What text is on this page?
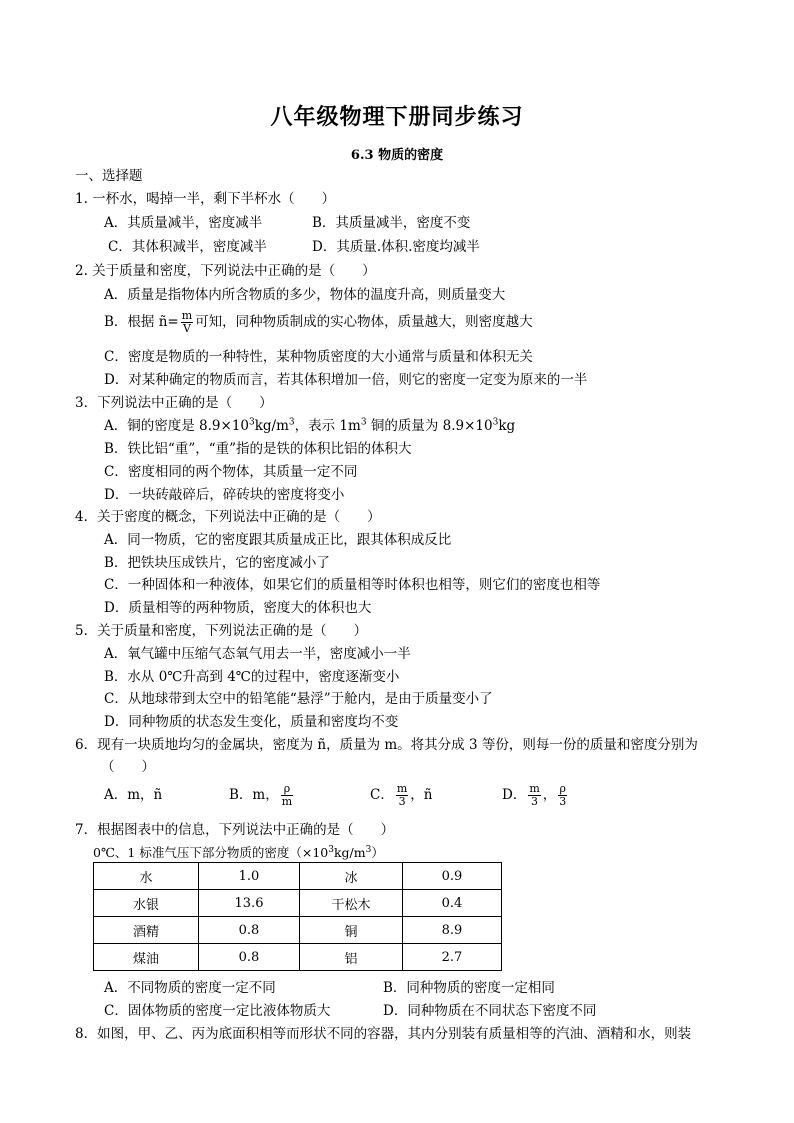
八年级物理下册同步练习
6.3 物质的密度
一、选择题
1. 一杯水，喝掉一半，剩下半杯水（　　）
A．其质量减半，密度减半	B．其质量减半，密度不变
C．其体积减半，密度减半	D．其质量.体积.密度均减半
2. 关于质量和密度，下列说法中正确的是（　　）
A．质量是指物体内所含物质的多少，物体的温度升高，则质量变大
B．根据 ñ= $\frac{m}{V}$ 可知，同种物质制成的实心物体，质量越大，则密度越大
C．密度是物质的一种特性，某种物质密度的大小通常与质量和体积无关
D．对某种确定的物质而言，若其体积增加一倍，则它的密度一定变为原来的一半
3．下列说法中正确的是（　　）
A．铜的密度是 $8.9\times 10^3kg/m^3$，表示 $1m^3$ 铜的质量为 $8.9\times 10^3kg$
B．铁比铝“重”，“重”指的是铁的体积比铝的体积大
C．密度相同的两个物体，其质量一定不同
D．一块砖敲碎后，碎砖块的密度将变小
4．关于密度的概念，下列说法中正确的是（　　）
A．同一物质，它的密度跟其质量成正比，跟其体积成反比
B．把铁块压成铁片，它的密度减小了
C．一种固体和一种液体，如果它们的质量相等时体积也相等，则它们的密度也相等
D．质量相等的两种物质，密度大的体积也大
5．关于质量和密度，下列说法正确的是（　　）
A．氧气罐中压缩气态氧气用去一半，密度减小一半
B．水从 0℃升高到 4℃的过程中，密度逐渐变小
C．从地球带到太空中的铅笔能“悬浮”于舱内，是由于质量变小了
D．同种物质的状态发生变化，质量和密度均不变
6．现有一块质地均匀的金属块，密度为 ñ，质量为 m。将其分成 3 等份，则每一份的质量和密度分别为
（　　）
A．m，ñ	B．m， $\frac{\rho}{m}$	C． $\frac{m}{3}$ ，ñ	D． $\frac{m}{3}$ ， $\frac{\rho}{3}$
7．根据图表中的信息，下列说法中正确的是（　　）
0℃、1 标准气压下部分物质的密度$(\times 10^3kg/m^3)$
水	1.0	冰	0.9
水银	13.6	干松木	0.4
酒精	0.8	铜	8.9
煤油	0.8	铝	2.7
A．不同物质的密度一定不同	B．同种物质的密度一定相同
C．固体物质的密度一定比液体物质大	D．同种物质在不同状态下密度不同
8．如图，甲、乙、丙为底面积相等而形状不同的容器，其内分别装有质量相等的汽油、酒精和水，则装
